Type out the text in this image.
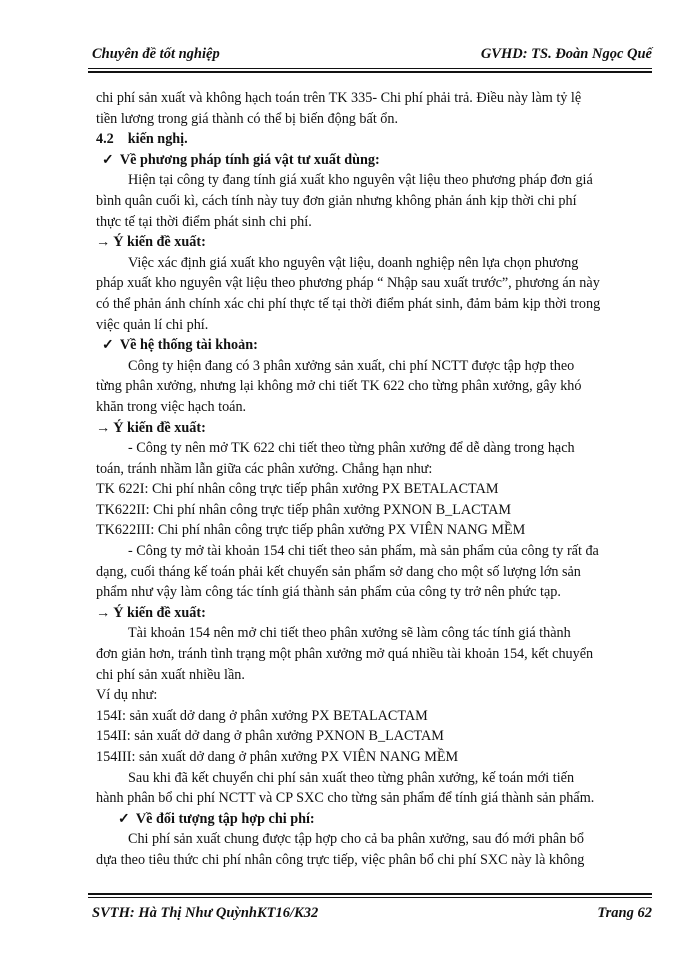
Chuyên đề tốt nghiệp	GVHD: TS. Đoàn Ngọc Quế

chi phí sản xuất và không hạch toán trên TK 335- Chi phí phải trả. Điều này làm tỷ lệ

tiền lương trong giá thành có thể bị biến động bất ổn.

4.2 kiến nghị.

✓ Về phương pháp tính giá vật tư xuất dùng:

Hiện tại công ty đang tính giá xuất kho nguyên vật liệu theo phương pháp đơn giá

bình quân cuối kì, cách tính này tuy đơn giản nhưng không phản ánh kịp thời chi phí

thực tế tại thời điểm phát sinh chi phí.

→ Ý kiến đề xuất:

Việc xác định giá xuất kho nguyên vật liệu, doanh nghiệp nên lựa chọn phương

pháp xuất kho nguyên vật liệu theo phương pháp “ Nhập sau xuất trước”, phương án này

có thể phản ánh chính xác chi phí thực tế tại thời điểm phát sinh, đảm bảm kịp thời trong

việc quản lí chi phí.

✓ Về hệ thống tài khoản:

Công ty hiện đang có 3 phân xưởng sản xuất, chi phí NCTT được tập hợp theo

từng phân xưởng, nhưng lại không mở chi tiết TK 622 cho từng phân xưởng, gây khó

khăn trong việc hạch toán.

→ Ý kiến đề xuất:

- Công ty nên mở TK 622 chi tiết theo từng phân xưởng để dễ dàng trong hạch

toán, tránh nhầm lẫn giữa các phân xưởng. Chẳng hạn như:

TK 622I: Chi phí nhân công trực tiếp phân xưởng PX BETALACTAM

TK622II: Chi phí nhân công trực tiếp phân xưởng PXNON B_LACTAM

TK622III: Chi phí nhân công trực tiếp phân xưởng PX VIÊN NANG MỀM

- Công ty mở tài khoản 154 chi tiết theo sản phẩm, mà sản phẩm của công ty rất đa

dạng, cuối tháng kế toán phải kết chuyển sản phẩm sở dang cho một số lượng lớn sản

phẩm như vậy làm công tác tính giá thành sản phẩm của công ty trở nên phức tạp.

→ Ý kiến đề xuất:

Tài khoản 154 nên mở chi tiết theo phân xưởng sẽ làm công tác tính giá thành

đơn giản hơn, tránh tình trạng một phân xưởng mở quá nhiều tài khoản 154, kết chuyển

chi phí sản xuất nhiều lần.

Ví dụ như:

154I: sản xuất dở dang ở phân xưởng PX BETALACTAM

154II: sản xuất dở dang ở phân xưởng PXNON B_LACTAM

154III: sản xuất dở dang ở phân xưởng PX VIÊN NANG MỀM

Sau khi đã kết chuyển chi phí sản xuất theo từng phân xưởng, kế toán mới tiến

hành phân bổ chi phí NCTT và CP SXC cho từng sản phẩm để tính giá thành sản phẩm.

✓ Về đối tượng tập hợp chi phí:

Chi phí sản xuất chung được tập hợp cho cả ba phân xưởng, sau đó mới phân bổ

dựa theo tiêu thức chi phí nhân công trực tiếp, việc phân bổ chi phí SXC này là không

SVTH: Hà Thị Như QuỳnhKT16/K32	Trang 62
